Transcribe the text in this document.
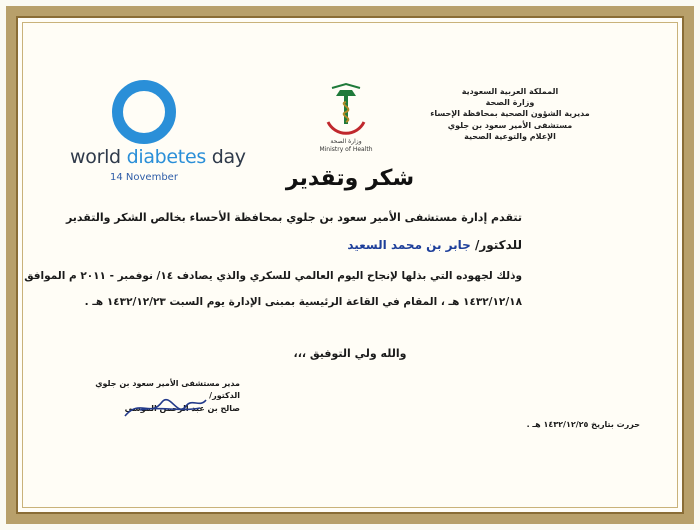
world diabetes day
14 November
وزارة الصحة
Ministry of Health
المملكة العربية السعودية
وزارة الصحة
مديرية الشؤون الصحية بمحافظة الإحساء
مستشفى الأمير سعود بن جلوي
الإعلام والتوعية الصحية
شكر وتقدير
تتقدم إدارة مستشفى الأمير سعود بن جلوي بمحافظة الأحساء بخالص الشكر والتقدير
للدكتور/ جابر بن محمد السعيد
وذلك لجهوده التي بذلها لإنجاح اليوم العالمي للسكري والذي يصادف ١٤/ نوفمبر - ٢٠١١ م الموافق
١٤٣٢/١٢/١٨ هـ ، المقام في القاعة الرئيسية بمبنى الإدارة يوم السبت ١٤٣٢/١٢/٢٣ هـ .
والله ولي التوفيق ،،،
مدير مستشفى الأمير سعود بن جلوي
الدكتور/
صالح بن عبد الرحمن الموسى
حررت بتاريخ ١٤٣٢/١٢/٢٥ هـ .
